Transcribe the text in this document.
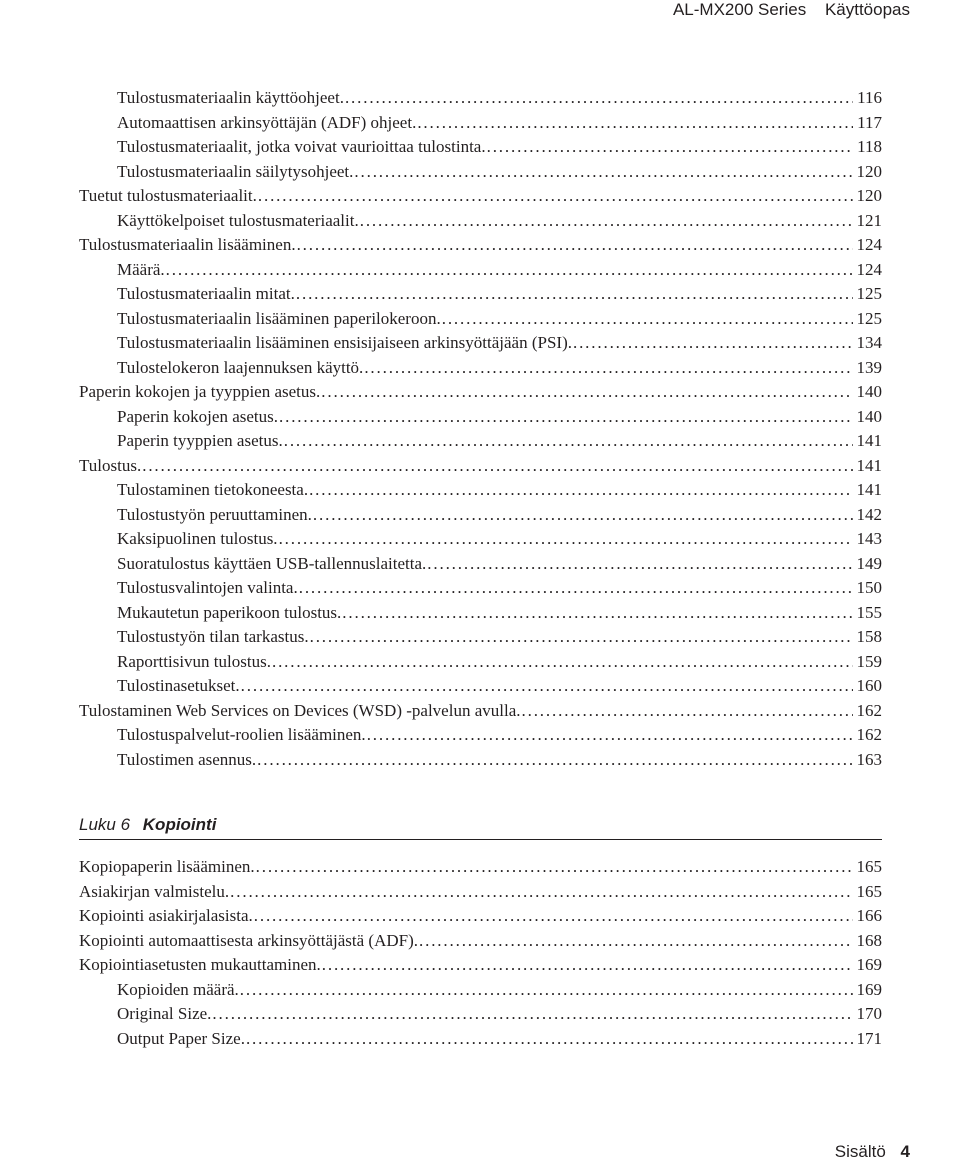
AL-MX200 Series Käyttöopas
Tulostusmateriaalin käyttöohjeet. . . .	116
Automaattisen arkinsyöttäjän (ADF) ohjeet. . . .	117
Tulostusmateriaalit, jotka voivat vaurioittaa tulostinta. . . .	118
Tulostusmateriaalin säilytysohjeet. . . .	120
Tuetut tulostusmateriaalit. . . .	120
Käyttökelpoiset tulostusmateriaalit. . . .	121
Tulostusmateriaalin lisääminen. . . .	124
Määrä. . . .	124
Tulostusmateriaalin mitat. . . .	125
Tulostusmateriaalin lisääminen paperilokeroon. . . .	125
Tulostusmateriaalin lisääminen ensisijaiseen arkinsyöttäjään (PSI). . . .	134
Tulostelokeron laajennuksen käyttö. . . .	139
Paperin kokojen ja tyyppien asetus. . . .	140
Paperin kokojen asetus. . . .	140
Paperin tyyppien asetus. . . .	141
Tulostus. . . .	141
Tulostaminen tietokoneesta. . . .	141
Tulostustyön peruuttaminen. . . .	142
Kaksipuolinen tulostus. . . .	143
Suoratulostus käyttäen USB-tallennuslaitetta. . . .	149
Tulostusvalintojen valinta. . . .	150
Mukautetun paperikoon tulostus. . . .	155
Tulostustyön tilan tarkastus. . . .	158
Raporttisivun tulostus. . . .	159
Tulostinasetukset. . . .	160
Tulostaminen Web Services on Devices (WSD) -palvelun avulla. . . .	162
Tulostuspalvelut-roolien lisääminen. . . .	162
Tulostimen asennus. . . .	163
Luku 6 Kopiointi
Kopiopaperin lisääminen. . . .	165
Asiakirjan valmistelu. . . .	165
Kopiointi asiakirjalasista. . . .	166
Kopiointi automaattisesta arkinsyöttäjästä (ADF). . . .	168
Kopiointiasetusten mukauttaminen. . . .	169
Kopioiden määrä. . . .	169
Original Size. . . .	170
Output Paper Size. . . .	171
Sisältö 4
